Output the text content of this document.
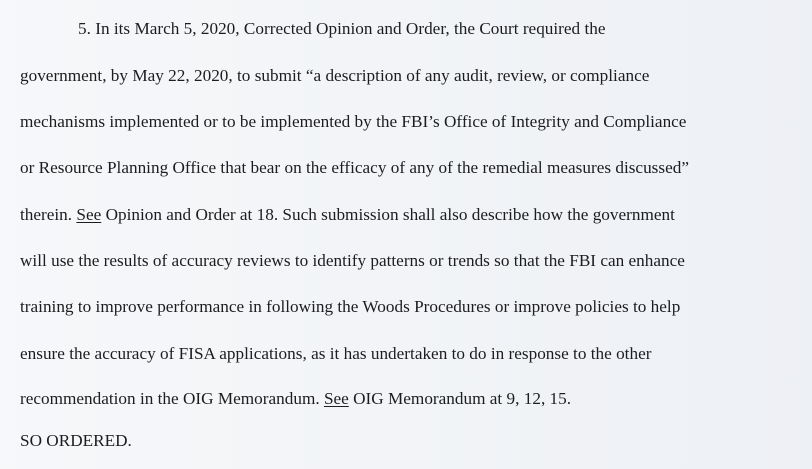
5. In its March 5, 2020, Corrected Opinion and Order, the Court required the
government, by May 22, 2020, to submit “a description of any audit, review, or compliance
mechanisms implemented or to be implemented by the FBI’s Office of Integrity and Compliance
or Resource Planning Office that bear on the efficacy of any of the remedial measures discussed”
therein. See Opinion and Order at 18. Such submission shall also describe how the government
will use the results of accuracy reviews to identify patterns or trends so that the FBI can enhance
training to improve performance in following the Woods Procedures or improve policies to help
ensure the accuracy of FISA applications, as it has undertaken to do in response to the other
recommendation in the OIG Memorandum. See OIG Memorandum at 9, 12, 15.
SO ORDERED.
